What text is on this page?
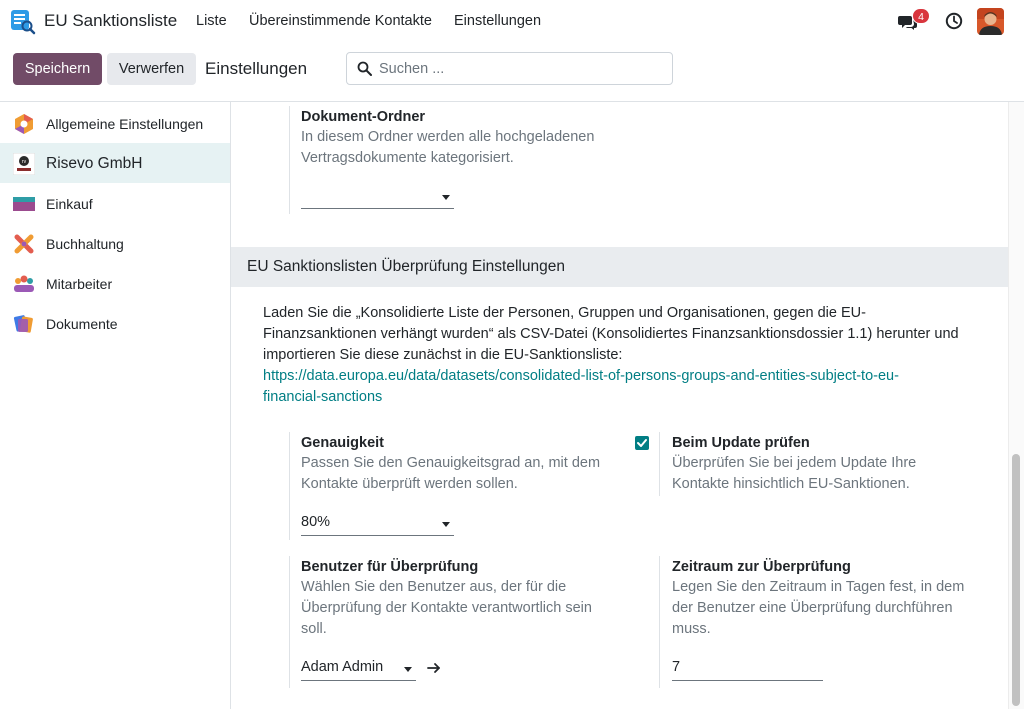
EU Sanktionsliste Liste Übereinstimmende Kontakte Einstellungen	4
Speichern	Verwerfen	Einstellungen
Suchen ...
Allgemeine Einstellungen
rv Risevo GmbH
Einkauf
Buchhaltung
Mitarbeiter
Dokumente
Dokument-Ordner
In diesem Ordner werden alle hochgeladenen
Vertragsdokumente kategorisiert.
EU Sanktionslisten Überprüfung Einstellungen
Laden Sie die „Konsolidierte Liste der Personen, Gruppen und Organisationen, gegen die EU-
Finanzsanktionen verhängt wurden“ als CSV-Datei (Konsolidiertes Finanzsanktionsdossier 1.1) herunter und
importieren Sie diese zunächst in die EU-Sanktionsliste:
https://data.europa.eu/data/datasets/consolidated-list-of-persons-groups-and-entities-subject-to-eu-
financial-sanctions
Genauigkeit
Passen Sie den Genauigkeitsgrad an, mit dem
Kontakte überprüft werden sollen.
80%
Beim Update prüfen
Überprüfen Sie bei jedem Update Ihre
Kontakte hinsichtlich EU-Sanktionen.
Benutzer für Überprüfung
Wählen Sie den Benutzer aus, der für die
Überprüfung der Kontakte verantwortlich sein
soll.
Adam Admin
Zeitraum zur Überprüfung
Legen Sie den Zeitraum in Tagen fest, in dem
der Benutzer eine Überprüfung durchführen
muss.
7
